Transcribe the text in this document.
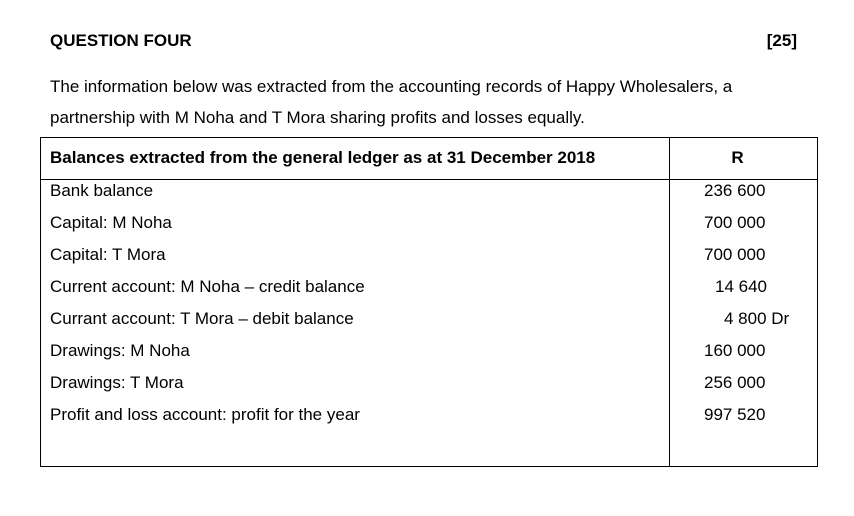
QUESTION FOUR	[25]

The information below was extracted from the accounting records of Happy Wholesalers, a partnership with M Noha and T Mora sharing profits and losses equally.

Balances extracted from the general ledger as at 31 December 2018	R
Bank balance
Capital: M Noha
Capital: T Mora
Current account: M Noha – credit balance
Currant account: T Mora – debit balance
Drawings: M Noha
Drawings: T Mora
Profit and loss account: profit for the year
236 600
700 000
700 000
14 640
4 800 Dr
160 000
256 000
997 520
